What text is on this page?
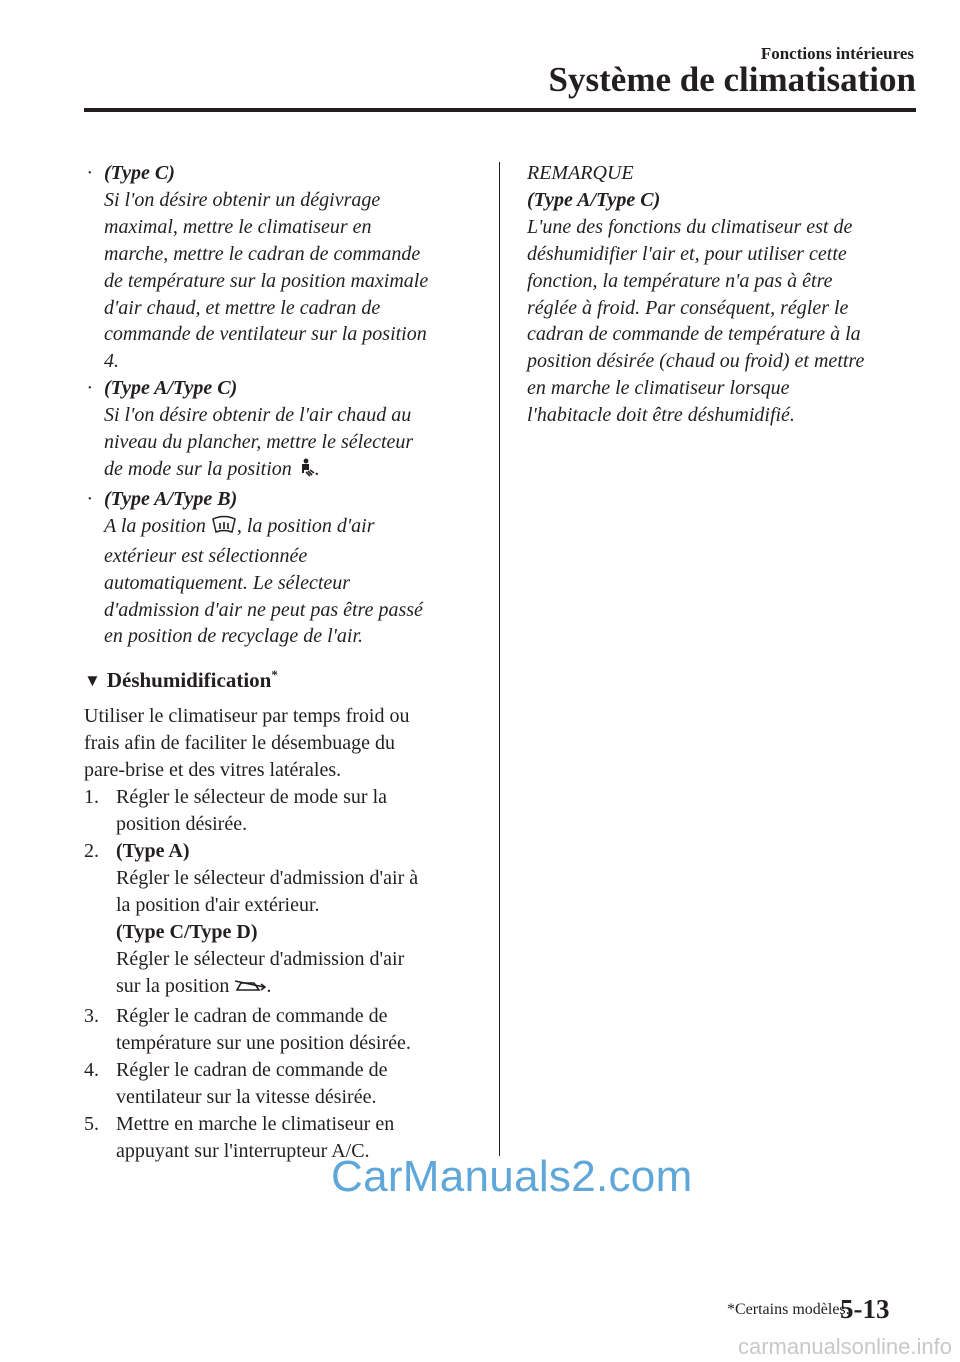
Fonctions intérieures
Système de climatisation
· (Type C)
Si l'on désire obtenir un dégivrage
maximal, mettre le climatiseur en
marche, mettre le cadran de commande
de température sur la position maximale
d'air chaud, et mettre le cadran de
commande de ventilateur sur la position
4.
· (Type A/Type C)
Si l'on désire obtenir de l'air chaud au
niveau du plancher, mettre le sélecteur
de mode sur la position .
· (Type A/Type B)
A la position , la position d'air
extérieur est sélectionnée
automatiquement. Le sélecteur
d'admission d'air ne peut pas être passé
en position de recyclage de l'air.
▼ Déshumidification*
Utiliser le climatiseur par temps froid ou
frais afin de faciliter le désembuage du
pare-brise et des vitres latérales.
1. Régler le sélecteur de mode sur la
position désirée.
2. (Type A)
Régler le sélecteur d'admission d'air à
la position d'air extérieur.
(Type C/Type D)
Régler le sélecteur d'admission d'air
sur la position .
3. Régler le cadran de commande de
température sur une position désirée.
4. Régler le cadran de commande de
ventilateur sur la vitesse désirée.
5. Mettre en marche le climatiseur en
appuyant sur l'interrupteur A/C.
REMARQUE
(Type A/Type C)
L'une des fonctions du climatiseur est de
déshumidifier l'air et, pour utiliser cette
fonction, la température n'a pas à être
réglée à froid. Par conséquent, régler le
cadran de commande de température à la
position désirée (chaud ou froid) et mettre
en marche le climatiseur lorsque
l'habitacle doit être déshumidifié.
CarManuals2.com
*Certains modèles.
5-13
carmanualsonline.info
